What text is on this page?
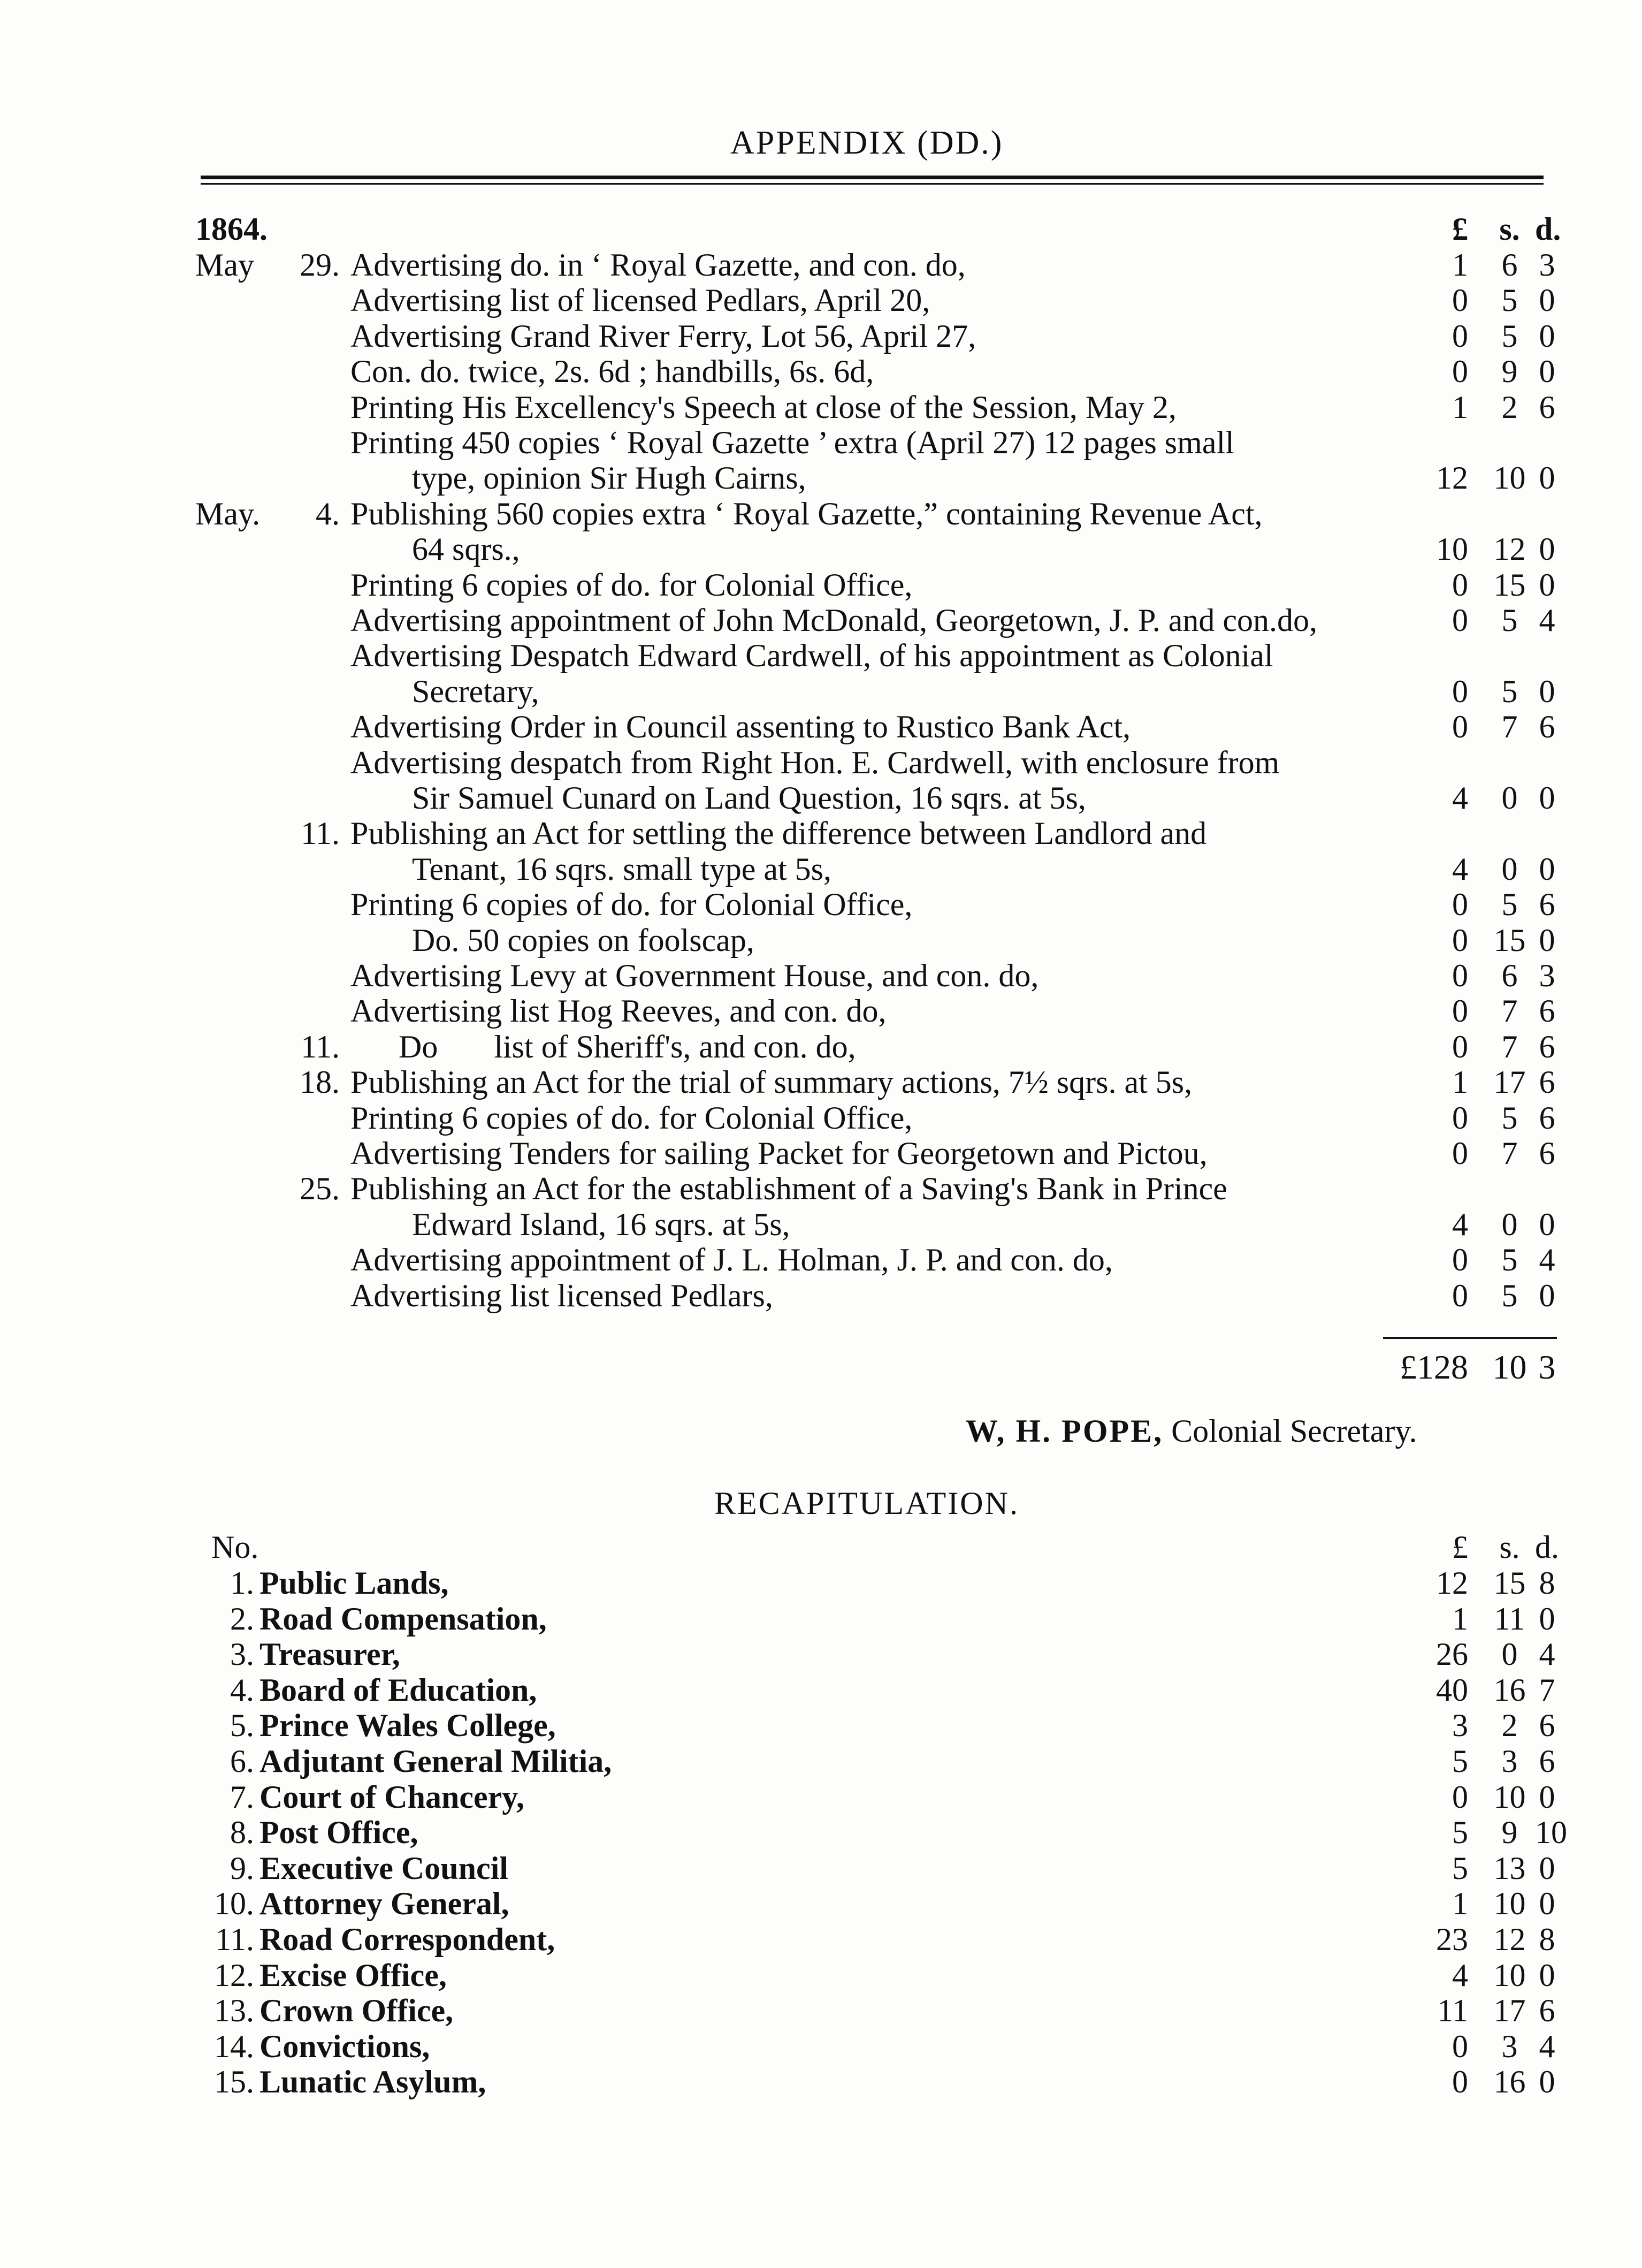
APPENDIX (DD.)
1864.	£ s. d.
May 29. Advertising do. in ‘ Royal Gazette, and con. do,	1	6 3
Advertising list of licensed Pedlars, April 20,	0	5 0
Advertising Grand River Ferry, Lot 56, April 27,	0	5 0
Con. do. twice, 2s. 6d ; handbills, 6s. 6d,	0	9 0
Printing His Excellency's Speech at close of the Session, May 2,	1	2 6
Printing 450 copies ‘ Royal Gazette ’ extra (April 27) 12 pages small
type, opinion Sir Hugh Cairns,	12 10 0
May.	4. Publishing 560 copies extra ‘ Royal Gazette,” containing Revenue Act,
64 sqrs.,	10 12 0
Printing 6 copies of do. for Colonial Office,	0 15 0
Advertising appointment of John McDonald, Georgetown, J. P. and con.do,	0	5 4
Advertising Despatch Edward Cardwell, of his appointment as Colonial
Secretary,	0	5 0
Advertising Order in Council assenting to Rustico Bank Act,	0	7 6
Advertising despatch from Right Hon. E. Cardwell, with enclosure from
Sir Samuel Cunard on Land Question, 16 sqrs. at 5s,	4	0 0
11. Publishing an Act for settling the difference between Landlord and
Tenant, 16 sqrs. small type at 5s,	4	0 0
Printing 6 copies of do. for Colonial Office,	0	5 6
Do. 50 copies on foolscap,	0 15 0
Advertising Levy at Government House, and con. do,	0	6 3
Advertising list Hog Reeves, and con. do,	0	7 6
11. Do       list of Sheriff's, and con. do,	0	7 6
18. Publishing an Act for the trial of summary actions, 7½ sqrs. at 5s,	1 17 6
Printing 6 copies of do. for Colonial Office,	0	5 6
Advertising Tenders for sailing Packet for Georgetown and Pictou,	0	7 6
25. Publishing an Act for the establishment of a Saving's Bank in Prince
Edward Island, 16 sqrs. at 5s,	4	0 0
Advertising appointment of J. L. Holman, J. P. and con. do,	0	5 4
Advertising list licensed Pedlars,	0	5 0
£128 10 3
W, H. POPE, Colonial Secretary.
RECAPITULATION.
No.	£ s. d.
1. Public Lands,	12 15 8
2. Road Compensation,	1 11 0
3. Treasurer,	26	0 4
4. Board of Education,	40 16 7
5. Prince Wales College,	3	2 6
6. Adjutant General Militia,	5	3 6
7. Court of Chancery,	0 10 0
8. Post Office,	5	9 10
9. Executive Council	5 13 0
10. Attorney General,	1 10 0
11. Road Correspondent,	23 12 8
12. Excise Office,	4 10 0
13. Crown Office,	11 17 6
14. Convictions,	0	3 4
15. Lunatic Asylum,	0 16 0
